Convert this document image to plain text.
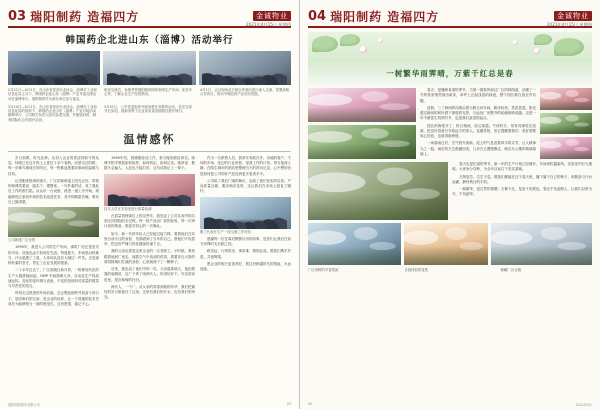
03 瑞阳制药 造福四方	金诚物业
2021年4月15日 星期四
韩国药企北进山东（淄博）活动举行
2月21日—4月1日，在山东省医药行业协会、淄博市工业和信息化局主办下，韩国药企赴山东（淄博）产业对接交流活动在淄博举行，瑞阳制药作为承办单位参与接洽。
座谈交流后，参观考察瑞阳制药固体制剂生产车间、化验中心等，了解企业生产经营情况。
4月1日，会议现场双方就合作意向进行深入交流，签署战略合作协议，推动中韩医药产业协同发展。
3月24日—4月1日，在山东省医药行业协会、淄博市工业和信息化局的组织下，韩国药企赴山东（淄博）产业对接活动顺利举行，公司相关负责人陪同参观交流，并就原料药、制剂国际化合作展开洽谈。
3月31日，公司党委组织开展形势任务教育活动，各党支部书记参加，就新形势下企业高质量发展路径展开研讨。
温情感怀

岁月如歌，时光荏苒。从初入企业的青涩到如今的从容，转眼已在这片热土上度过十余个春秋。回望走过的路，每一步都写满成长的印记，每一程都浸透着同事间的温暖与扶持。

记得刚来报到的那天，厂区的林荫道上阳光正好。带我的师傅笑着说：踏实干，慢慢来。一句朴素的话，成了我此后工作的座右铭。从认识一台设备、熟悉一道工序开始，到能够独立承担车间的技术改造任务，其中的酸甜苦辣，唯有自己最清楚。

公司新建厂区全景

1999年，我进入公司的生产车间，那时厂房还是旧式的平房，设备也远不如现在先进。每逢夏天，车间里闷热难当，汗水湿透了工装，大家却从没有人喊过一声苦。正是那种朴素的坚守，奠定了企业发展的根基。

二十多年过去了，厂区面貌日新月异，一栋栋现代化的生产大楼拔地而起，GMP 车间窗明几净，自动化生产线高速运转。变化的是环境与设备，不变的是那份对质量的敬畏与对责任的担当。

每每走过熟悉的车间长廊，总会想起那些并肩奋斗的日子。是同事们的互助，是企业的培养，让一个普通的技术员成长为能够独当一面的班组长。这份恩情，铭记于心。

1999年初，我刚刚参加工作，被分配到质检岗位。师傅手把手教我如何取样、如何判定、如何记录。她常说：数据不会骗人，人品也不能打折。这句话我记了一辈子。

技术人员在实验室进行质量检测

在质量管理岗位上的这些年，我见证了公司从省内知名到走向国际的全过程。每一批产品出厂前的检验，每一次审计前的准备，都是对初心的一次确认。

如今，新一代的年轻人已经接过接力棒。看着他们在实验台前专注的身影，仿佛看到了当年的自己。愿他们不负韶华，把这份严谨与热忱继续传递下去。

我的父亲也曾是这家企业的一名老职工。小时候，我常跟着他到厂里去，闻着空气中淡淡的药香，看着穿白大褂的叔叔阿姨们忙碌的身影，心里就埋下了一颗种子。

后来，我也成了他们中的一员。父亲退休那天，他拍着我的肩膀说：这厂子养了咱两代人，你得好好干。朴实的话语里，是沉甸甸的托付。

两代人，一个厂。从父亲的青春到我的年华，我们把最好的岁月都留在了这里。这里有我们的汗水，也有我们的荣光。

作为一名销售人员，我常年奔波在外。各地的客户、不同的市场、变幻的行业形势，是我工作的日常。每当夜深人静，在陌生城市的酒店里整理当天的拜访记录，心中想的仍是如何把公司的好产品送到更多患者手中。

公司给了我们广阔的舞台，也给了我们坚实的后盾。产品质量过硬，服务响应及时，这让我们在市场上挺直了腰杆。

职工代表在生产一线交流工作经验

感谢每一位在幕后默默付出的同事，是你们让我们在前方冲锋时无后顾之忧。

路虽远，行则将至；事虽难，做则必成。愿我们携手并进，共创辉煌。

愿企业的明天更加美好，愿这份跨越时代的情谊，永远延续。

瑞阳制药股份有限公司	03
04 瑞阳制药 造福四方	金诚物业
2021年4月15日 星期四
一树繁华雨霁晴，万紫千红总是春

春天，是播种希望的季节。当第一缕春风掠过厂区的林荫道，沉睡了一冬的枝条悄然抽出新芽，草坪上泛起浅浅的绿意，整个园区都在春光中苏醒。

清晨，三三两两的同事沿着小路走向车间，脚步轻快，笑语盈盈。阳光透过新绿的树叶洒下斑驳的光影，与远处厂房整齐的轮廓相映成趣。这是一年中最富生机的时节，也是我们奋进的起点。

园区的海棠开了，粉白相间，如云似霞。午休时分，常有同事驻足拍照，把这份春意分享给远方的家人。花期虽短，但它提醒着我们：美好需要用心经营，也值得被珍惜。

一场春雨过后，空气格外清新。泥土的气息混着草木的芬芳，让人精神为之一振。雨后的天空澄澈如洗，几朵白云慢慢飘过，映在办公楼的玻璃幕墙上。

春天也是忙碌的季节。新一年的生产计划已经铺开，车间里机器轰鸣，实验室内灯火通明。大家争分夺秒，为全年目标打下坚实基础。

万物复苏，生生不息。愿我们都能在这个春天里，播下属于自己的种子，用勤奋与汗水浇灌，静待秋日的丰收。

一树繁华，是自然的馈赠；万紫千红，是奋斗的底色。春光不负赶路人，让我们以梦为马，不负韶华。

厂区河畔的早春景致	含苞待放的花枝	俯瞰厂区全貌
04	2021年4月
